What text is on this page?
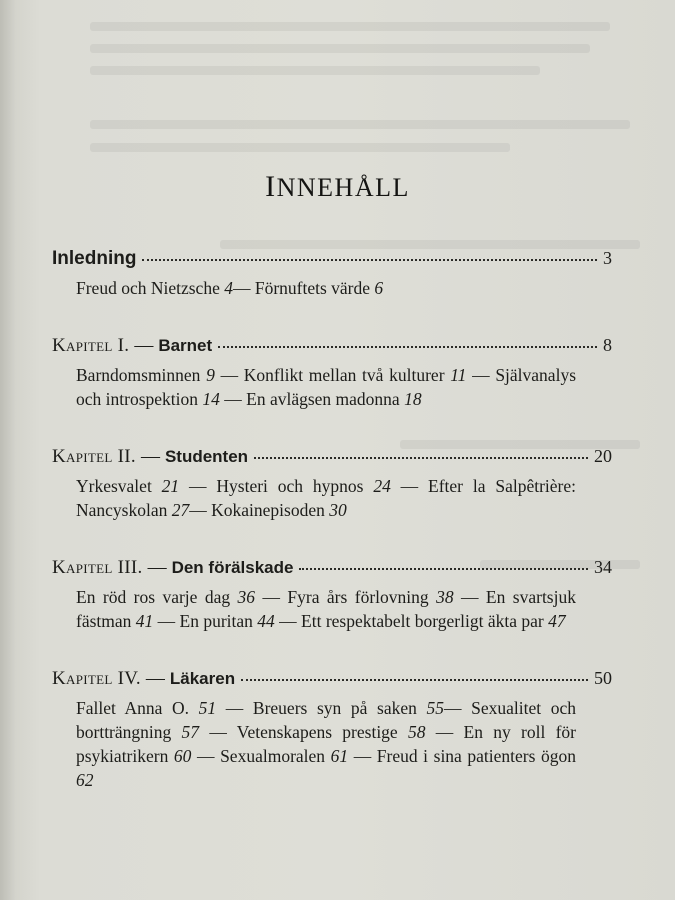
INNEHÅLL
Inledning	3
Freud och Nietzsche 4— Förnuftets värde 6
Kapitel I. — Barnet	8
Barndomsminnen 9 — Konflikt mellan två kulturer 11 — Självanalys och introspektion 14 — En avlägsen madonna 18
Kapitel II. — Studenten	20
Yrkesvalet 21 — Hysteri och hypnos 24 — Efter la Salpêtrière: Nancyskolan 27— Kokainepisoden 30
Kapitel III. — Den förälskade	34
En röd ros varje dag 36 — Fyra års förlovning 38 — En svartsjuk fästman 41 — En puritan 44 — Ett respektabelt borgerligt äkta par 47
Kapitel IV. — Läkaren	50
Fallet Anna O. 51 — Breuers syn på saken 55— Sexualitet och bortträngning 57 — Vetenskapens prestige 58 — En ny roll för psykiatrikern 60 — Sexualmoralen 61 — Freud i sina patienters ögon 62
